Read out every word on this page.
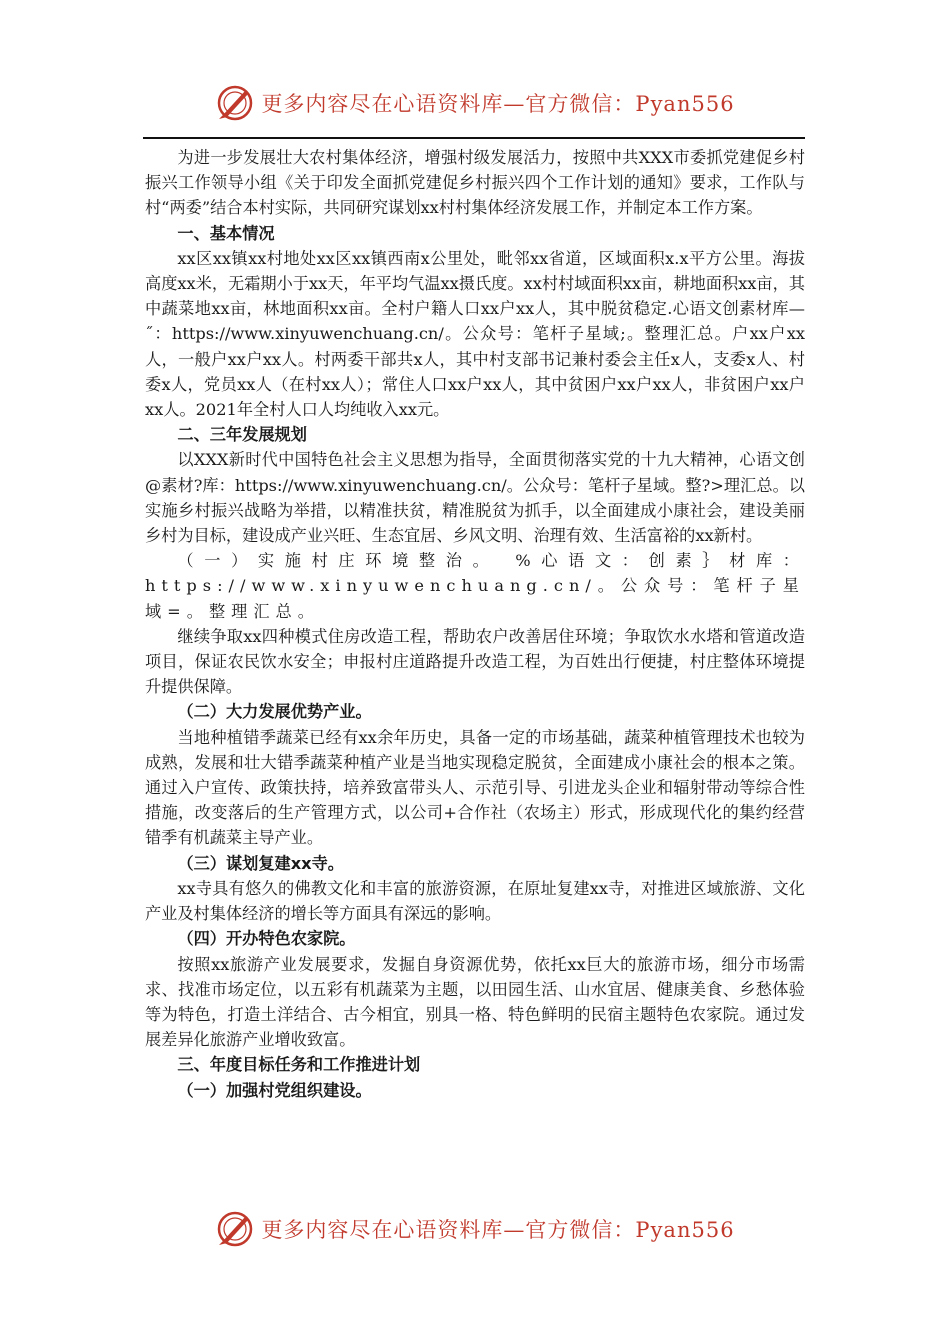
更多内容尽在心语资料库—官方微信：Pyan556

为进一步发展壮大农村集体经济，增强村级发展活力，按照中共XXX市委抓党建促乡村振兴工作领导小组《关于印发全面抓党建促乡村振兴四个工作计划的通知》要求，工作队与村“两委”结合本村实际，共同研究谋划xx村村集体经济发展工作，并制定本工作方案。

一、基本情况

xx区xx镇xx村地处xx区xx镇西南x公里处，毗邻xx省道，区域面积x.x平方公里。海拔高度xx米，无霜期小于xx天，年平均气温xx摄氏度。xx村村域面积xx亩，耕地面积xx亩，其中蔬菜地xx亩，林地面积xx亩。全村户籍人口xx户xx人，其中脱贫稳定.心语文创素材库—˝：https://www.xinyuwenchuang.cn/。公众号：笔杆子星域;。整理汇总。户xx户xx人，一般户xx户xx人。村两委干部共x人，其中村支部书记兼村委会主任x人，支委x人、村委x人，党员xx人（在村xx人）；常住人口xx户xx人，其中贫困户xx户xx人，非贫困户xx户xx人。2021年全村人口人均纯收入xx元。

二、三年发展规划

以XXX新时代中国特色社会主义思想为指导，全面贯彻落实党的十九大精神，心语文创@素材?库：https://www.xinyuwenchuang.cn/。公众号：笔杆子星域。整?>理汇总。以实施乡村振兴战略为举措，以精准扶贫，精准脱贫为抓手，以全面建成小康社会，建设美丽乡村为目标，建设成产业兴旺、生态宜居、乡风文明、治理有效、生活富裕的xx新村。

（一）实施村庄环境整治。 %心语文：创素｝材库：https://www.xinyuwenchuang.cn/。公众号：笔杆子星域=。整理汇总。

继续争取xx四种模式住房改造工程，帮助农户改善居住环境；争取饮水水塔和管道改造项目，保证农民饮水安全；申报村庄道路提升改造工程，为百姓出行便捷，村庄整体环境提升提供保障。

（二）大力发展优势产业。

当地种植错季蔬菜已经有xx余年历史，具备一定的市场基础，蔬菜种植管理技术也较为成熟，发展和壮大错季蔬菜种植产业是当地实现稳定脱贫，全面建成小康社会的根本之策。通过入户宣传、政策扶持，培养致富带头人、示范引导、引进龙头企业和辐射带动等综合性措施，改变落后的生产管理方式，以公司+合作社（农场主）形式，形成现代化的集约经营错季有机蔬菜主导产业。

（三）谋划复建xx寺。

xx寺具有悠久的佛教文化和丰富的旅游资源，在原址复建xx寺，对推进区域旅游、文化产业及村集体经济的增长等方面具有深远的影响。

（四）开办特色农家院。

按照xx旅游产业发展要求，发掘自身资源优势，依托xx巨大的旅游市场，细分市场需求、找准市场定位，以五彩有机蔬菜为主题，以田园生活、山水宜居、健康美食、乡愁体验等为特色，打造土洋结合、古今相宜，别具一格、特色鲜明的民宿主题特色农家院。通过发展差异化旅游产业增收致富。

三、年度目标任务和工作推进计划

（一）加强村党组织建设。

更多内容尽在心语资料库—官方微信：Pyan556
